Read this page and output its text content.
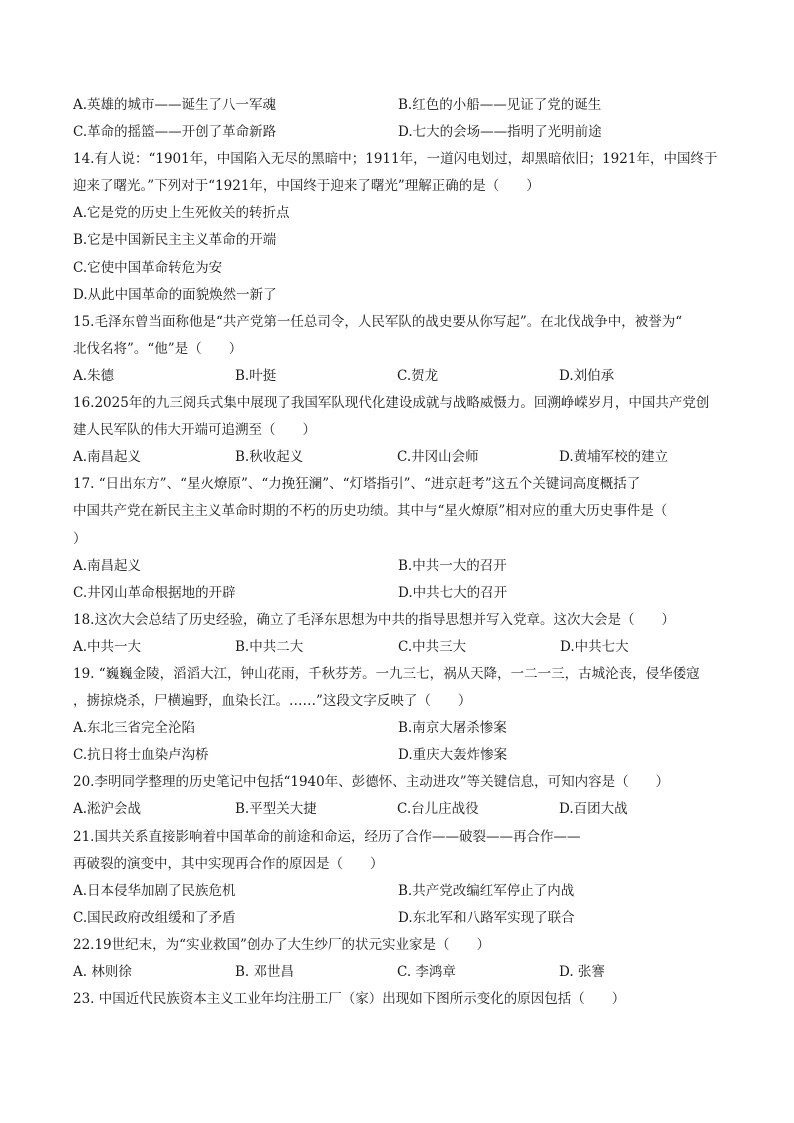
A.英雄的城市——诞生了八一军魂	B.红色的小船——见证了党的诞生
C.革命的摇篮——开创了革命新路	D.七大的会场——指明了光明前途
14.有人说：“1901年，中国陷入无尽的黑暗中；1911年，一道闪电划过，却黑暗依旧；1921年，中国终于
迎来了曙光。”下列对于“1921年，中国终于迎来了曙光”理解正确的是（　　）
A.它是党的历史上生死攸关的转折点
B.它是中国新民主主义革命的开端
C.它使中国革命转危为安
D.从此中国革命的面貌焕然一新了
15.毛泽东曾当面称他是“共产党第一任总司令，人民军队的战史要从你写起”。在北伐战争中，被誉为“
北伐名将”。“他”是（　　）
A.朱德	B.叶挺	C.贺龙	D.刘伯承
16.2025年的九三阅兵式集中展现了我国军队现代化建设成就与战略威慑力。回溯峥嵘岁月，中国共产党创
建人民军队的伟大开端可追溯至（　　）
A.南昌起义	B.秋收起义	C.井冈山会师	D.黄埔军校的建立
17. “日出东方”、“星火燎原”、“力挽狂澜”、“灯塔指引”、“进京赶考”这五个关键词高度概括了
中国共产党在新民主主义革命时期的不朽的历史功绩。其中与“星火燎原”相对应的重大历史事件是（
）
A.南昌起义	B.中共一大的召开
C.井冈山革命根据地的开辟	D.中共七大的召开
18.这次大会总结了历史经验，确立了毛泽东思想为中共的指导思想并写入党章。这次大会是（　　）
A.中共一大	B.中共二大	C.中共三大	D.中共七大
19. “巍巍金陵，滔滔大江，钟山花雨，千秋芬芳。一九三七，祸从天降，一二一三，古城沦丧，侵华倭寇
，掳掠烧杀，尸横遍野，血染长江。……”这段文字反映了（　　）
A.东北三省完全沦陷	B.南京大屠杀惨案
C.抗日将士血染卢沟桥	D.重庆大轰炸惨案
20.李明同学整理的历史笔记中包括“1940年、彭德怀、主动进攻”等关键信息，可知内容是（　　）
A.淞沪会战	B.平型关大捷	C.台儿庄战役	D.百团大战
21.国共关系直接影响着中国革命的前途和命运，经历了合作——破裂——再合作——
再破裂的演变中，其中实现再合作的原因是（　　）
A.日本侵华加剧了民族危机	B.共产党改编红军停止了内战
C.国民政府改组缓和了矛盾	D.东北军和八路军实现了联合
22.19世纪末，为“实业救国”创办了大生纱厂的状元实业家是（　　）
A. 林则徐	B. 邓世昌	C. 李鸿章	D. 张謇
23. 中国近代民族资本主义工业年均注册工厂（家）出现如下图所示变化的原因包括（　　）
